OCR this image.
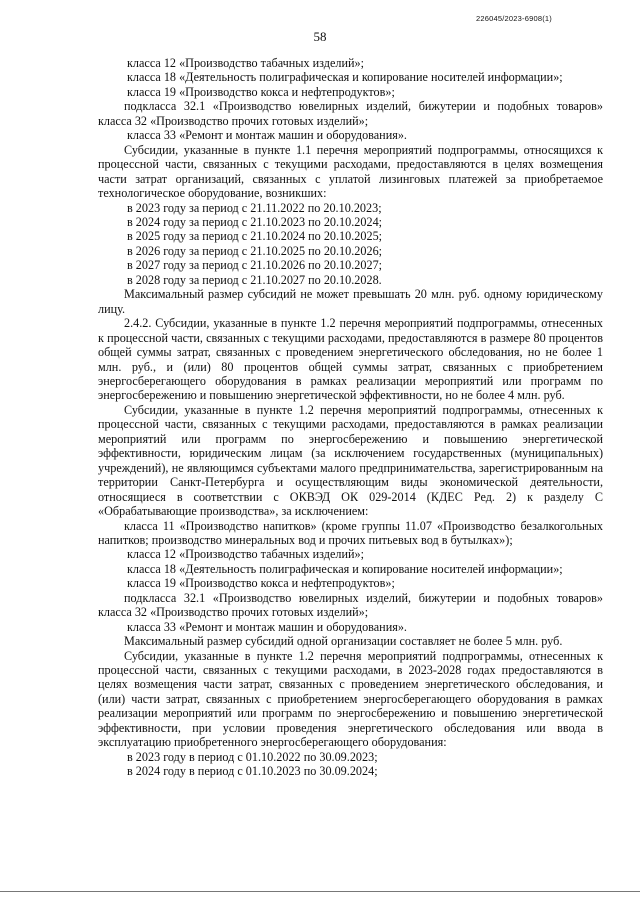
226045/2023-6908(1)
58

класса 12 «Производство табачных изделий»;

класса 18 «Деятельность полиграфическая и копирование носителей информации»;

класса 19 «Производство кокса и нефтепродуктов»;

подкласса 32.1 «Производство ювелирных изделий, бижутерии и подобных товаров» класса 32 «Производство прочих готовых изделий»;

класса 33 «Ремонт и монтаж машин и оборудования».

Субсидии, указанные в пункте 1.1 перечня мероприятий подпрограммы, относящихся к процессной части, связанных с текущими расходами, предоставляются в целях возмещения части затрат организаций, связанных с уплатой лизинговых платежей за приобретаемое технологическое оборудование, возникших:

в 2023 году за период с 21.11.2022 по 20.10.2023;

в 2024 году за период с 21.10.2023 по 20.10.2024;

в 2025 году за период с 21.10.2024 по 20.10.2025;

в 2026 году за период с 21.10.2025 по 20.10.2026;

в 2027 году за период с 21.10.2026 по 20.10.2027;

в 2028 году за период с 21.10.2027 по 20.10.2028.

Максимальный размер субсидий не может превышать 20 млн. руб. одному юридическому лицу.

2.4.2. Субсидии, указанные в пункте 1.2 перечня мероприятий подпрограммы, отнесенных к процессной части, связанных с текущими расходами, предоставляются в размере 80 процентов общей суммы затрат, связанных с проведением энергетического обследования, но не более 1 млн. руб., и (или) 80 процентов общей суммы затрат, связанных с приобретением энергосберегающего оборудования в рамках реализации мероприятий или программ по энергосбережению и повышению энергетической эффективности, но не более 4 млн. руб.

Субсидии, указанные в пункте 1.2 перечня мероприятий подпрограммы, отнесенных к процессной части, связанных с текущими расходами, предоставляются в рамках реализации мероприятий или программ по энергосбережению и повышению энергетической эффективности, юридическим лицам (за исключением государственных (муниципальных) учреждений), не являющимся субъектами малого предпринимательства, зарегистрированным на территории Санкт-Петербурга и осуществляющим виды экономической деятельности, относящиеся в соответствии с ОКВЭД ОК 029-2014 (КДЕС Ред. 2) к разделу С «Обрабатывающие производства», за исключением:

класса 11 «Производство напитков» (кроме группы 11.07 «Производство безалкогольных напитков; производство минеральных вод и прочих питьевых вод в бутылках»);

класса 12 «Производство табачных изделий»;

класса 18 «Деятельность полиграфическая и копирование носителей информации»;

класса 19 «Производство кокса и нефтепродуктов»;

подкласса 32.1 «Производство ювелирных изделий, бижутерии и подобных товаров» класса 32 «Производство прочих готовых изделий»;

класса 33 «Ремонт и монтаж машин и оборудования».

Максимальный размер субсидий одной организации составляет не более 5 млн. руб.

Субсидии, указанные в пункте 1.2 перечня мероприятий подпрограммы, отнесенных к процессной части, связанных с текущими расходами, в 2023-2028 годах предоставляются в целях возмещения части затрат, связанных с проведением энергетического обследования, и (или) части затрат, связанных с приобретением энергосберегающего оборудования в рамках реализации мероприятий или программ по энергосбережению и повышению энергетической эффективности, при условии проведения энергетического обследования или ввода в эксплуатацию приобретенного энергосберегающего оборудования:

в 2023 году в период с 01.10.2022 по 30.09.2023;

в 2024 году в период с 01.10.2023 по 30.09.2024;
